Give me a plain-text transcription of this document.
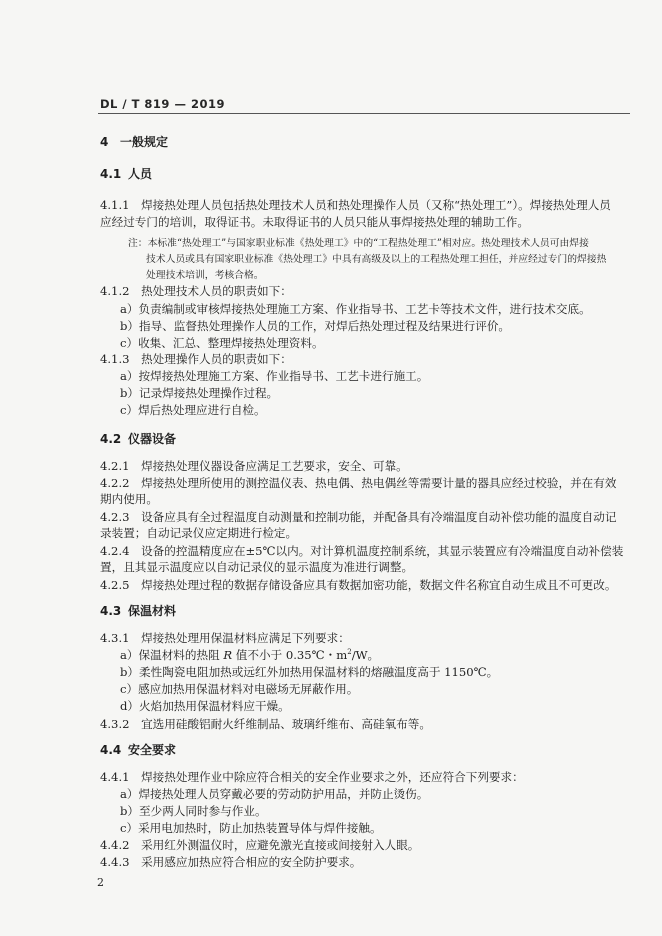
DL / T 819 — 2019
4 一般规定
4.1 人员
4.1.1　焊接热处理人员包括热处理技术人员和热处理操作人员（又称“热处理工”）。焊接热处理人员
应经过专门的培训，取得证书。未取得证书的人员只能从事焊接热处理的辅助工作。
注：本标准“热处理工”与国家职业标准《热处理工》中的“工程热处理工”相对应。热处理技术人员可由焊接
技术人员或具有国家职业标准《热处理工》中具有高级及以上的工程热处理工担任，并应经过专门的焊接热
处理技术培训，考核合格。
4.1.2　热处理技术人员的职责如下：
a）负责编制或审核焊接热处理施工方案、作业指导书、工艺卡等技术文件，进行技术交底。
b）指导、监督热处理操作人员的工作，对焊后热处理过程及结果进行评价。
c）收集、汇总、整理焊接热处理资料。
4.1.3　热处理操作人员的职责如下：
a）按焊接热处理施工方案、作业指导书、工艺卡进行施工。
b）记录焊接热处理操作过程。
c）焊后热处理应进行自检。
4.2 仪器设备
4.2.1　焊接热处理仪器设备应满足工艺要求，安全、可靠。
4.2.2　焊接热处理所使用的测控温仪表、热电偶、热电偶丝等需要计量的器具应经过校验，并在有效
期内使用。
4.2.3　设备应具有全过程温度自动测量和控制功能，并配备具有冷端温度自动补偿功能的温度自动记
录装置；自动记录仪应定期进行检定。
4.2.4　设备的控温精度应在±5℃以内。对计算机温度控制系统，其显示装置应有冷端温度自动补偿装
置，且其显示温度应以自动记录仪的显示温度为准进行调整。
4.2.5　焊接热处理过程的数据存储设备应具有数据加密功能，数据文件名称宜自动生成且不可更改。
4.3 保温材料
4.3.1　焊接热处理用保温材料应满足下列要求：
a）保温材料的热阻 R 值不小于 0.35℃・$m^2/W$。
b）柔性陶瓷电阻加热或远红外加热用保温材料的熔融温度高于 1150℃。
c）感应加热用保温材料对电磁场无屏蔽作用。
d）火焰加热用保温材料应干燥。
4.3.2　宜选用硅酸铝耐火纤维制品、玻璃纤维布、高硅氧布等。
4.4 安全要求
4.4.1　焊接热处理作业中除应符合相关的安全作业要求之外，还应符合下列要求：
a）焊接热处理人员穿戴必要的劳动防护用品，并防止烫伤。
b）至少两人同时参与作业。
c）采用电加热时，防止加热装置导体与焊件接触。
4.4.2　采用红外测温仪时，应避免激光直接或间接射入人眼。
4.4.3　采用感应加热应符合相应的安全防护要求。
2
